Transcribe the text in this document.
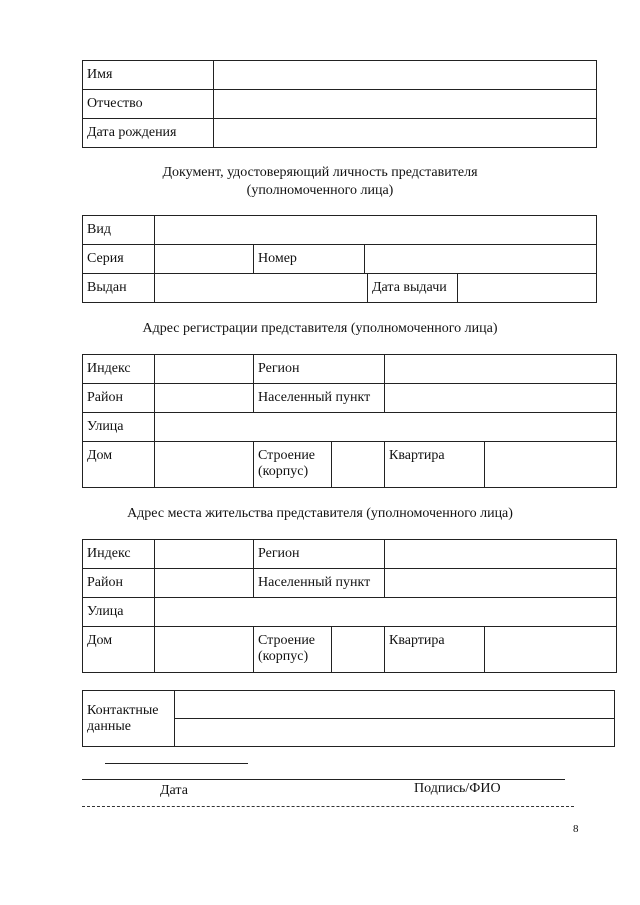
Имя	
Отчество	
Дата рождения	
Документ, удостоверяющий личность представителя
(уполномоченного лица)
Вид					
Серия		Номер			
Выдан				Дата выдачи	
Адрес регистрации представителя (уполномоченного лица)
Индекс		Регион			
Район		Населенный пункт			
Улица					
Дом		Строение (корпус)		Квартира	
Адрес места жительства представителя (уполномоченного лица)
Индекс		Регион			
Район		Населенный пункт			
Улица					
Дом		Строение (корпус)		Квартира	
Контактные данные	

Дата	Подпись/ФИО
8
